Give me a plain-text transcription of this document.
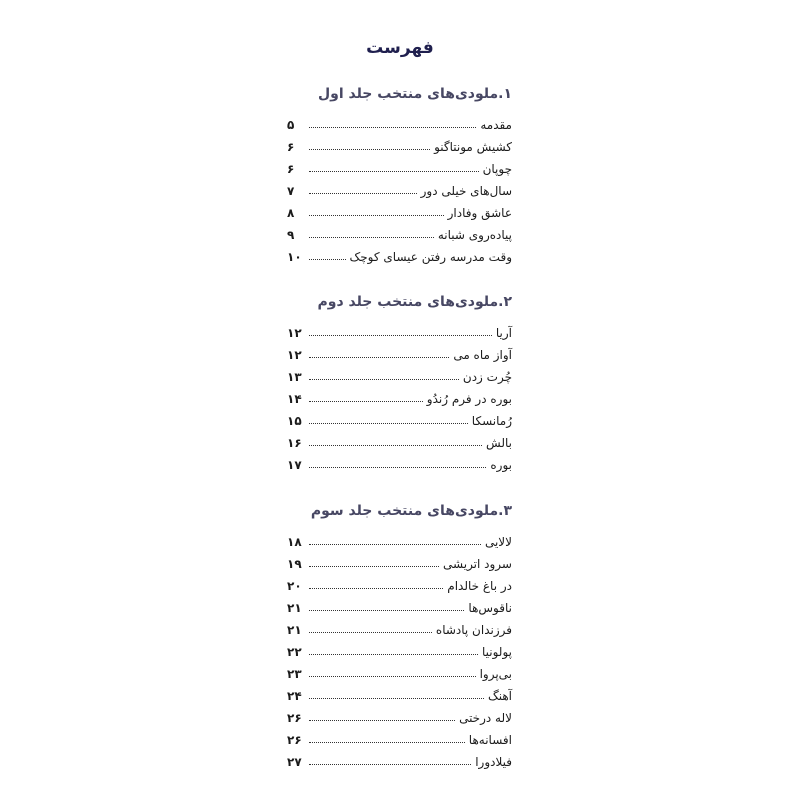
فهرست
۱.ملودی‌های منتخب جلد اول
مقدمه
۵
کشیش مونتاگنو
۶
چوپان
۶
سال‌های خیلی دور
۷
عاشق وفادار
۸
پیاده‌روی شبانه
۹
وقت مدرسه رفتن عیسای کوچک
۱۰
۲.ملودی‌های منتخب جلد دوم
آریا
۱۲
آواز ماه می
۱۲
چُرت زدن
۱۳
بوره در فرم رُندُو
۱۴
رُمانسکا
۱۵
بالش
۱۶
بوره
۱۷
۳.ملودی‌های منتخب جلد سوم
لالایی
۱۸
سرود اتریشی
۱۹
در باغ خالدام
۲۰
ناقوس‌ها
۲۱
فرزندان پادشاه
۲۱
پولونیا
۲۲
بی‌پروا
۲۳
آهنگ
۲۴
لاله درختی
۲۶
افسانه‌ها
۲۶
فیلادورا
۲۷
